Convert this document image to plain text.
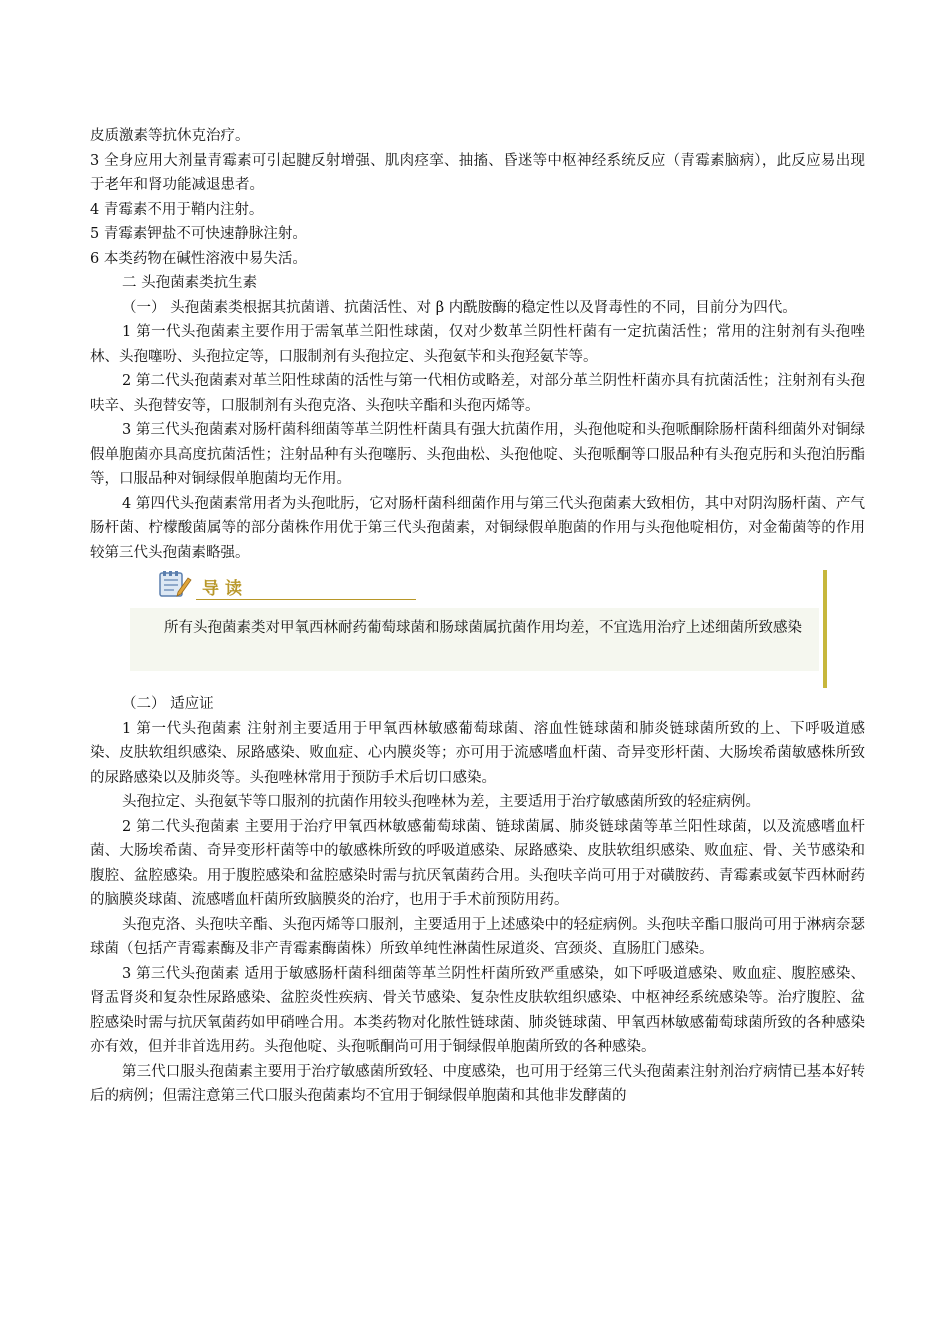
皮质激素等抗休克治疗。

3 全身应用大剂量青霉素可引起腱反射增强、肌肉痉挛、抽搐、昏迷等中枢神经系统反应（青霉素脑病），此反应易出现于老年和肾功能减退患者。

4 青霉素不用于鞘内注射。

5 青霉素钾盐不可快速静脉注射。

6 本类药物在碱性溶液中易失活。

二 头孢菌素类抗生素

（一） 头孢菌素类根据其抗菌谱、抗菌活性、对 β 内酰胺酶的稳定性以及肾毒性的不同，目前分为四代。

1 第一代头孢菌素主要作用于需氧革兰阳性球菌，仅对少数革兰阴性杆菌有一定抗菌活性；常用的注射剂有头孢唑林、头孢噻吩、头孢拉定等，口服制剂有头孢拉定、头孢氨苄和头孢羟氨苄等。

2 第二代头孢菌素对革兰阳性球菌的活性与第一代相仿或略差，对部分革兰阴性杆菌亦具有抗菌活性；注射剂有头孢呋辛、头孢替安等，口服制剂有头孢克洛、头孢呋辛酯和头孢丙烯等。

3 第三代头孢菌素对肠杆菌科细菌等革兰阴性杆菌具有强大抗菌作用，头孢他啶和头孢哌酮除肠杆菌科细菌外对铜绿假单胞菌亦具高度抗菌活性；注射品种有头孢噻肟、头孢曲松、头孢他啶、头孢哌酮等口服品种有头孢克肟和头孢泊肟酯等，口服品种对铜绿假单胞菌均无作用。

4 第四代头孢菌素常用者为头孢吡肟，它对肠杆菌科细菌作用与第三代头孢菌素大致相仿，其中对阴沟肠杆菌、产气肠杆菌、柠檬酸菌属等的部分菌株作用优于第三代头孢菌素，对铜绿假单胞菌的作用与头孢他啶相仿，对金葡菌等的作用较第三代头孢菌素略强。

导读

所有头孢菌素类对甲氧西林耐药葡萄球菌和肠球菌属抗菌作用均差，不宜选用治疗上述细菌所致感染

（二） 适应证

1 第一代头孢菌素 注射剂主要适用于甲氧西林敏感葡萄球菌、溶血性链球菌和肺炎链球菌所致的上、下呼吸道感染、皮肤软组织感染、尿路感染、败血症、心内膜炎等；亦可用于流感嗜血杆菌、奇异变形杆菌、大肠埃希菌敏感株所致的尿路感染以及肺炎等。头孢唑林常用于预防手术后切口感染。

头孢拉定、头孢氨苄等口服剂的抗菌作用较头孢唑林为差，主要适用于治疗敏感菌所致的轻症病例。

2 第二代头孢菌素 主要用于治疗甲氧西林敏感葡萄球菌、链球菌属、肺炎链球菌等革兰阳性球菌，以及流感嗜血杆菌、大肠埃希菌、奇异变形杆菌等中的敏感株所致的呼吸道感染、尿路感染、皮肤软组织感染、败血症、骨、关节感染和腹腔、盆腔感染。用于腹腔感染和盆腔感染时需与抗厌氧菌药合用。头孢呋辛尚可用于对磺胺药、青霉素或氨苄西林耐药的脑膜炎球菌、流感嗜血杆菌所致脑膜炎的治疗，也用于手术前预防用药。

头孢克洛、头孢呋辛酯、头孢丙烯等口服剂，主要适用于上述感染中的轻症病例。头孢呋辛酯口服尚可用于淋病奈瑟球菌（包括产青霉素酶及非产青霉素酶菌株）所致单纯性淋菌性尿道炎、宫颈炎、直肠肛门感染。

3 第三代头孢菌素 适用于敏感肠杆菌科细菌等革兰阴性杆菌所致严重感染，如下呼吸道感染、败血症、腹腔感染、肾盂肾炎和复杂性尿路感染、盆腔炎性疾病、骨关节感染、复杂性皮肤软组织感染、中枢神经系统感染等。治疗腹腔、盆腔感染时需与抗厌氧菌药如甲硝唑合用。本类药物对化脓性链球菌、肺炎链球菌、甲氧西林敏感葡萄球菌所致的各种感染亦有效，但并非首选用药。头孢他啶、头孢哌酮尚可用于铜绿假单胞菌所致的各种感染。

第三代口服头孢菌素主要用于治疗敏感菌所致轻、中度感染，也可用于经第三代头孢菌素注射剂治疗病情已基本好转后的病例；但需注意第三代口服头孢菌素均不宜用于铜绿假单胞菌和其他非发酵菌的
